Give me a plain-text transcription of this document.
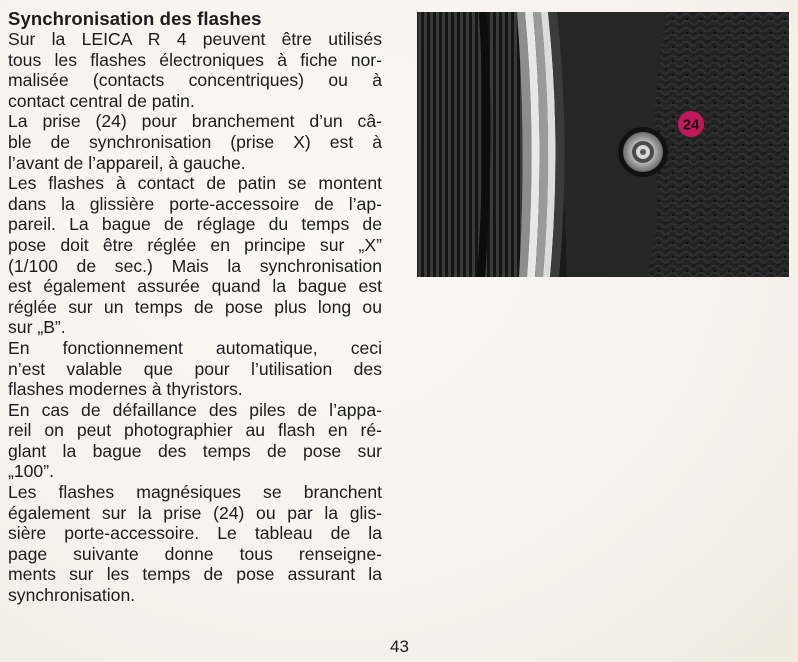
Synchronisation des flashes
Sur la LEICA R 4 peuvent être utilisés
tous les flashes électroniques à fiche nor-
malisée (contacts concentriques) ou à
contact central de patin.
La prise (24) pour branchement d’un câ-
ble de synchronisation (prise X) est à
l’avant de l’appareil, à gauche.
Les flashes à contact de patin se montent
dans la glissière porte-accessoire de l’ap-
pareil. La bague de réglage du temps de
pose doit être réglée en principe sur „X”
(1/100 de sec.) Mais la synchronisation
est également assurée quand la bague est
réglée sur un temps de pose plus long ou
sur „B”.
En fonctionnement automatique, ceci
n’est valable que pour l’utilisation des
flashes modernes à thyristors.
En cas de défaillance des piles de l’appa-
reil on peut photographier au flash en ré-
glant la bague des temps de pose sur
„100”.
Les flashes magnésiques se branchent
également sur la prise (24) ou par la glis-
sière porte-accessoire. Le tableau de la
page suivante donne tous renseigne-
ments sur les temps de pose assurant la
synchronisation.
24
43
